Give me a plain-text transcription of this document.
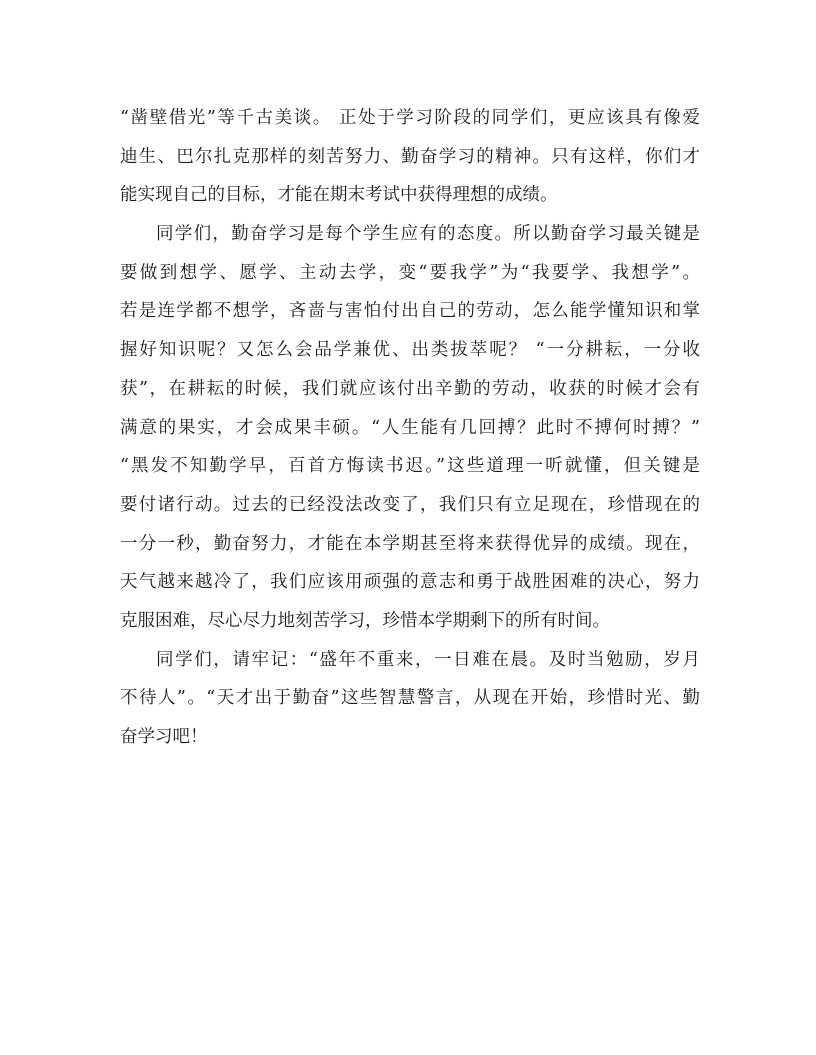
“凿壁借光”等千古美谈。 正处于学习阶段的同学们，更应该具有像爱
迪生、巴尔扎克那样的刻苦努力、勤奋学习的精神。只有这样，你们才
能实现自己的目标，才能在期末考试中获得理想的成绩。
同学们，勤奋学习是每个学生应有的态度。所以勤奋学习最关键是
要做到想学、愿学、主动去学，变“要我学”为“我要学、我想学”。
若是连学都不想学，吝啬与害怕付出自己的劳动，怎么能学懂知识和掌
握好知识呢？又怎么会品学兼优、出类拔萃呢？ “一分耕耘，一分收
获”，在耕耘的时候，我们就应该付出辛勤的劳动，收获的时候才会有
满意的果实，才会成果丰硕。“人生能有几回搏？此时不搏何时搏？”
“黑发不知勤学早，百首方悔读书迟。”这些道理一听就懂，但关键是
要付诸行动。过去的已经没法改变了，我们只有立足现在，珍惜现在的
一分一秒，勤奋努力，才能在本学期甚至将来获得优异的成绩。现在，
天气越来越冷了，我们应该用顽强的意志和勇于战胜困难的决心，努力
克服困难，尽心尽力地刻苦学习，珍惜本学期剩下的所有时间。
同学们，请牢记：“盛年不重来，一日难在晨。及时当勉励，岁月
不待人”。“天才出于勤奋”这些智慧警言，从现在开始，珍惜时光、勤
奋学习吧！
